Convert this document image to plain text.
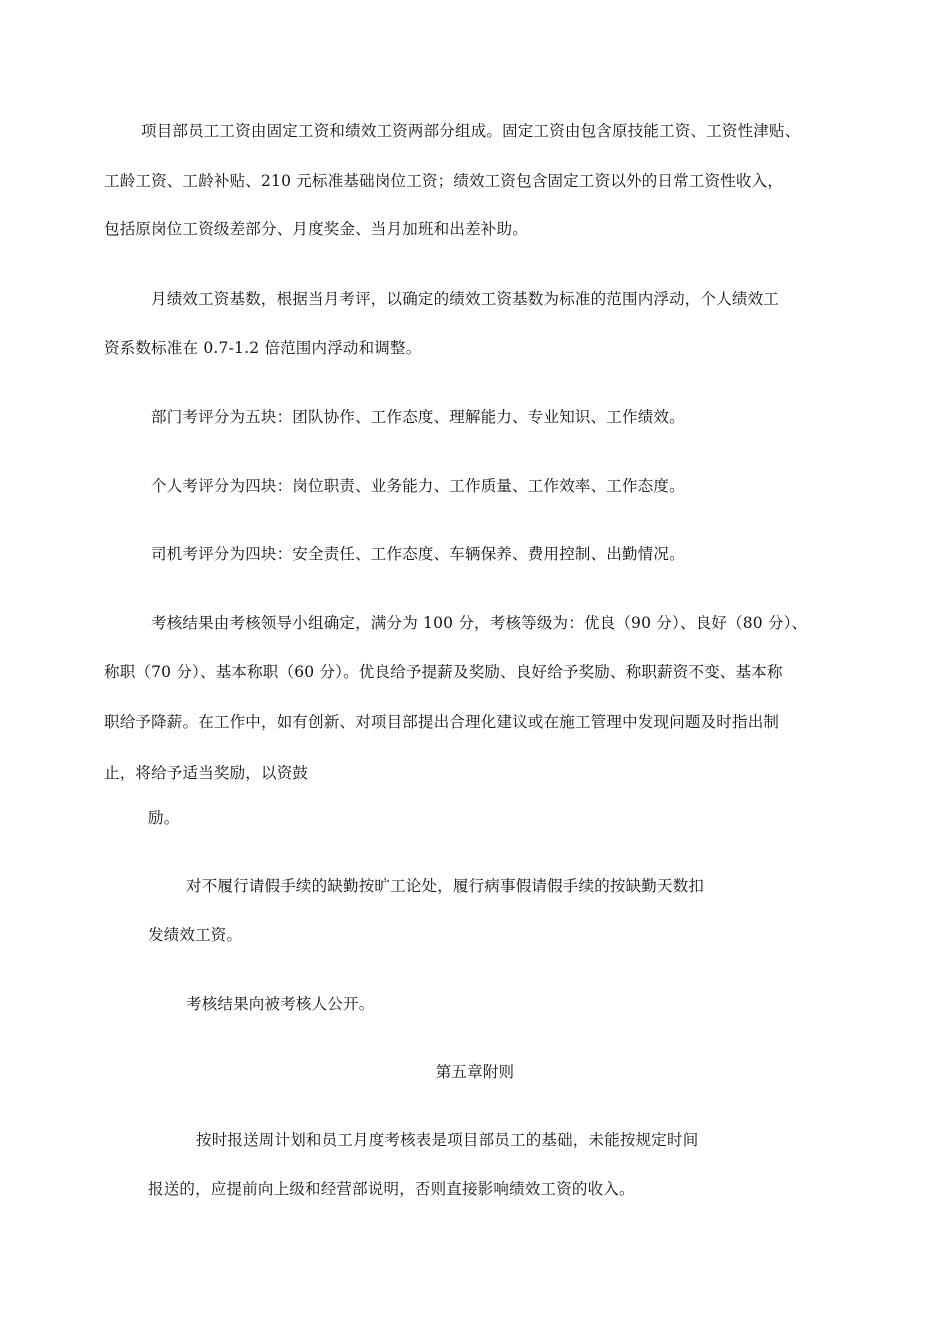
项目部员工工资由固定工资和绩效工资两部分组成。固定工资由包含原技能工资、工资性津贴、
工龄工资、工龄补贴、210 元标准基础岗位工资；绩效工资包含固定工资以外的日常工资性收入，
包括原岗位工资级差部分、月度奖金、当月加班和出差补助。
月绩效工资基数，根据当月考评，以确定的绩效工资基数为标准的范围内浮动，个人绩效工
资系数标准在 0.7-1.2 倍范围内浮动和调整。
部门考评分为五块：团队协作、工作态度、理解能力、专业知识、工作绩效。
个人考评分为四块：岗位职责、业务能力、工作质量、工作效率、工作态度。
司机考评分为四块：安全责任、工作态度、车辆保养、费用控制、出勤情况。
考核结果由考核领导小组确定，满分为 100 分，考核等级为：优良（90 分）、良好（80 分）、
称职（70 分）、基本称职（60 分）。优良给予提薪及奖励、良好给予奖励、称职薪资不变、基本称
职给予降薪。在工作中，如有创新、对项目部提出合理化建议或在施工管理中发现问题及时指出制
止，将给予适当奖励，以资鼓
励。
对不履行请假手续的缺勤按旷工论处，履行病事假请假手续的按缺勤天数扣
发绩效工资。
考核结果向被考核人公开。
第五章附则
按时报送周计划和员工月度考核表是项目部员工的基础，未能按规定时间
报送的，应提前向上级和经营部说明，否则直接影响绩效工资的收入。
